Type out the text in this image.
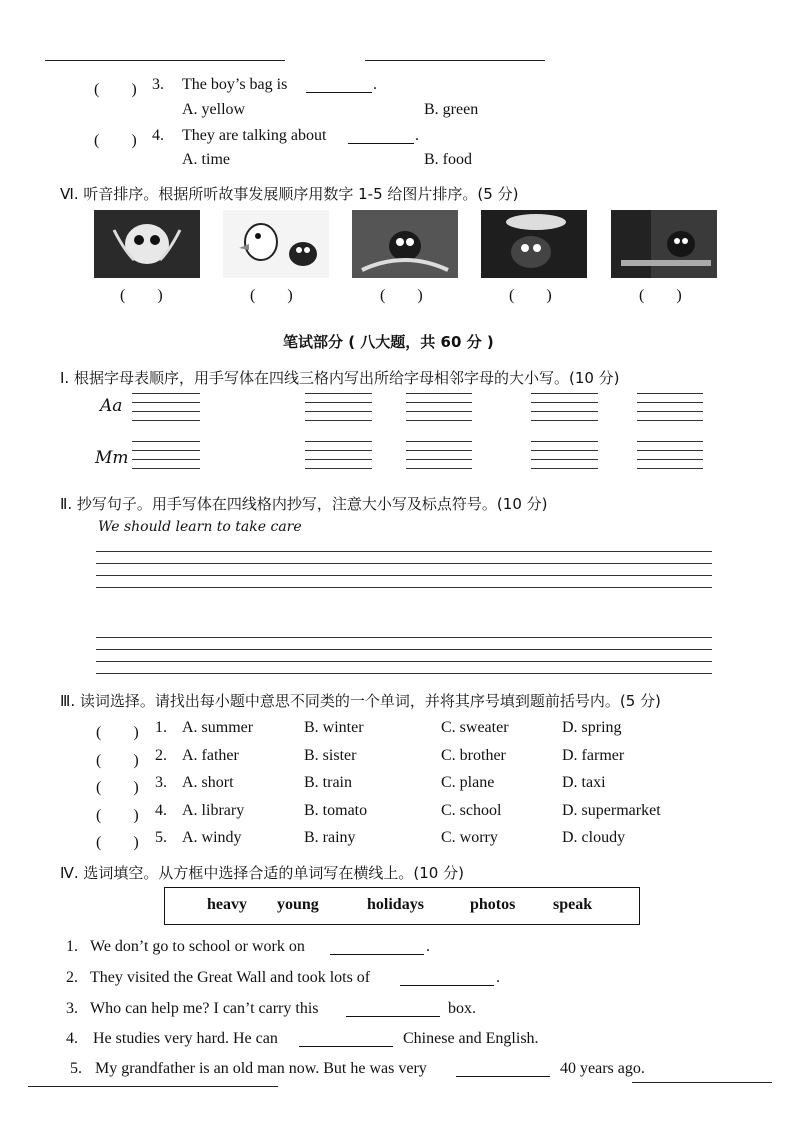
(　　) 3. The boy’s bag is	.
A. yellow	B. green
(　　) 4. They are talking about	.
A. time	B. food
Ⅵ. 听音排序。根据所听故事发展顺序用数字 1-5 给图片排序。(5 分)
(　　)	(　　)	(　　)	(　　)	(　　)
笔试部分 ( 八大题，共 60 分 )
Ⅰ. 根据字母表顺序，用手写体在四线三格内写出所给字母相邻字母的大小写。(10 分)
Aa
Mm
Ⅱ. 抄写句子。用手写体在四线格内抄写，注意大小写及标点符号。(10 分)
We should learn to take care
Ⅲ. 读词选择。请找出每小题中意思不同类的一个单词，并将其序号填到题前括号内。(5 分)
(　　) 1. A. summer	B. winter	C. sweater	D. spring
(　　) 2. A. father	B. sister	C. brother	D. farmer
(　　) 3. A. short	B. train	C. plane	D. taxi
(　　) 4. A. library	B. tomato	C. school	D. supermarket
(　　) 5. A. windy	B. rainy	C. worry	D. cloudy
Ⅳ. 选词填空。从方框中选择合适的单词写在横线上。(10 分)
heavy young	holidays	photos speak
1. We don’t go to school or work on	.
2. They visited the Great Wall and took lots of	.
3. Who can help me? I can’t carry this	box.
4. He studies very hard. He can	Chinese and English.
5. My grandfather is an old man now. But he was very	40 years ago.
